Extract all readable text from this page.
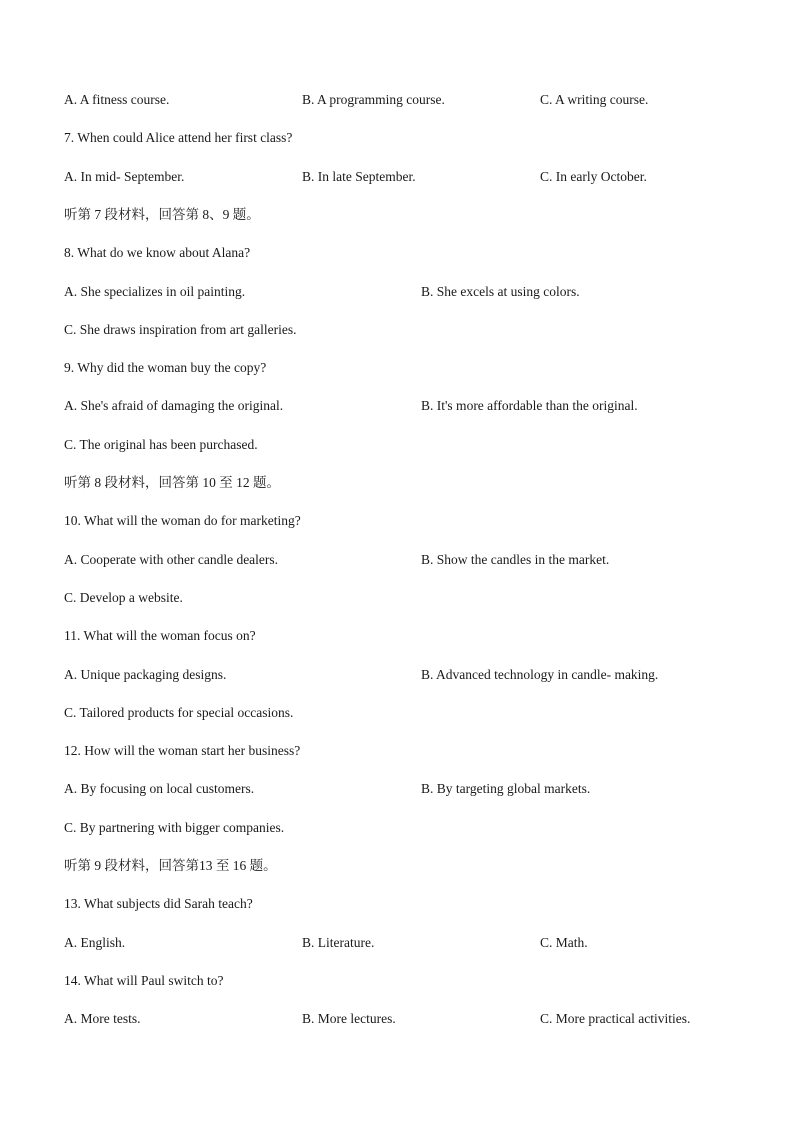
A. A fitness course.	B. A programming course.	C. A writing course.
7. When could Alice attend her first class?
A. In mid- September.	B. In late September.	C. In early October.
听第 7 段材料，回答第 8、9 题。
8. What do we know about Alana?
A. She specializes in oil painting.	B. She excels at using colors.
C. She draws inspiration from art galleries.
9. Why did the woman buy the copy?
A. She's afraid of damaging the original.	B. It's more affordable than the original.
C. The original has been purchased.
听第 8 段材料，回答第 10 至 12 题。
10. What will the woman do for marketing?
A. Cooperate with other candle dealers.	B. Show the candles in the market.
C. Develop a website.
11. What will the woman focus on?
A. Unique packaging designs.	B. Advanced technology in candle- making.
C. Tailored products for special occasions.
12. How will the woman start her business?
A. By focusing on local customers.	B. By targeting global markets.
C. By partnering with bigger companies.
听第 9 段材料，回答第13 至 16 题。
13. What subjects did Sarah teach?
A. English.	B. Literature.	C. Math.
14. What will Paul switch to?
A. More tests.	B. More lectures.	C. More practical activities.
